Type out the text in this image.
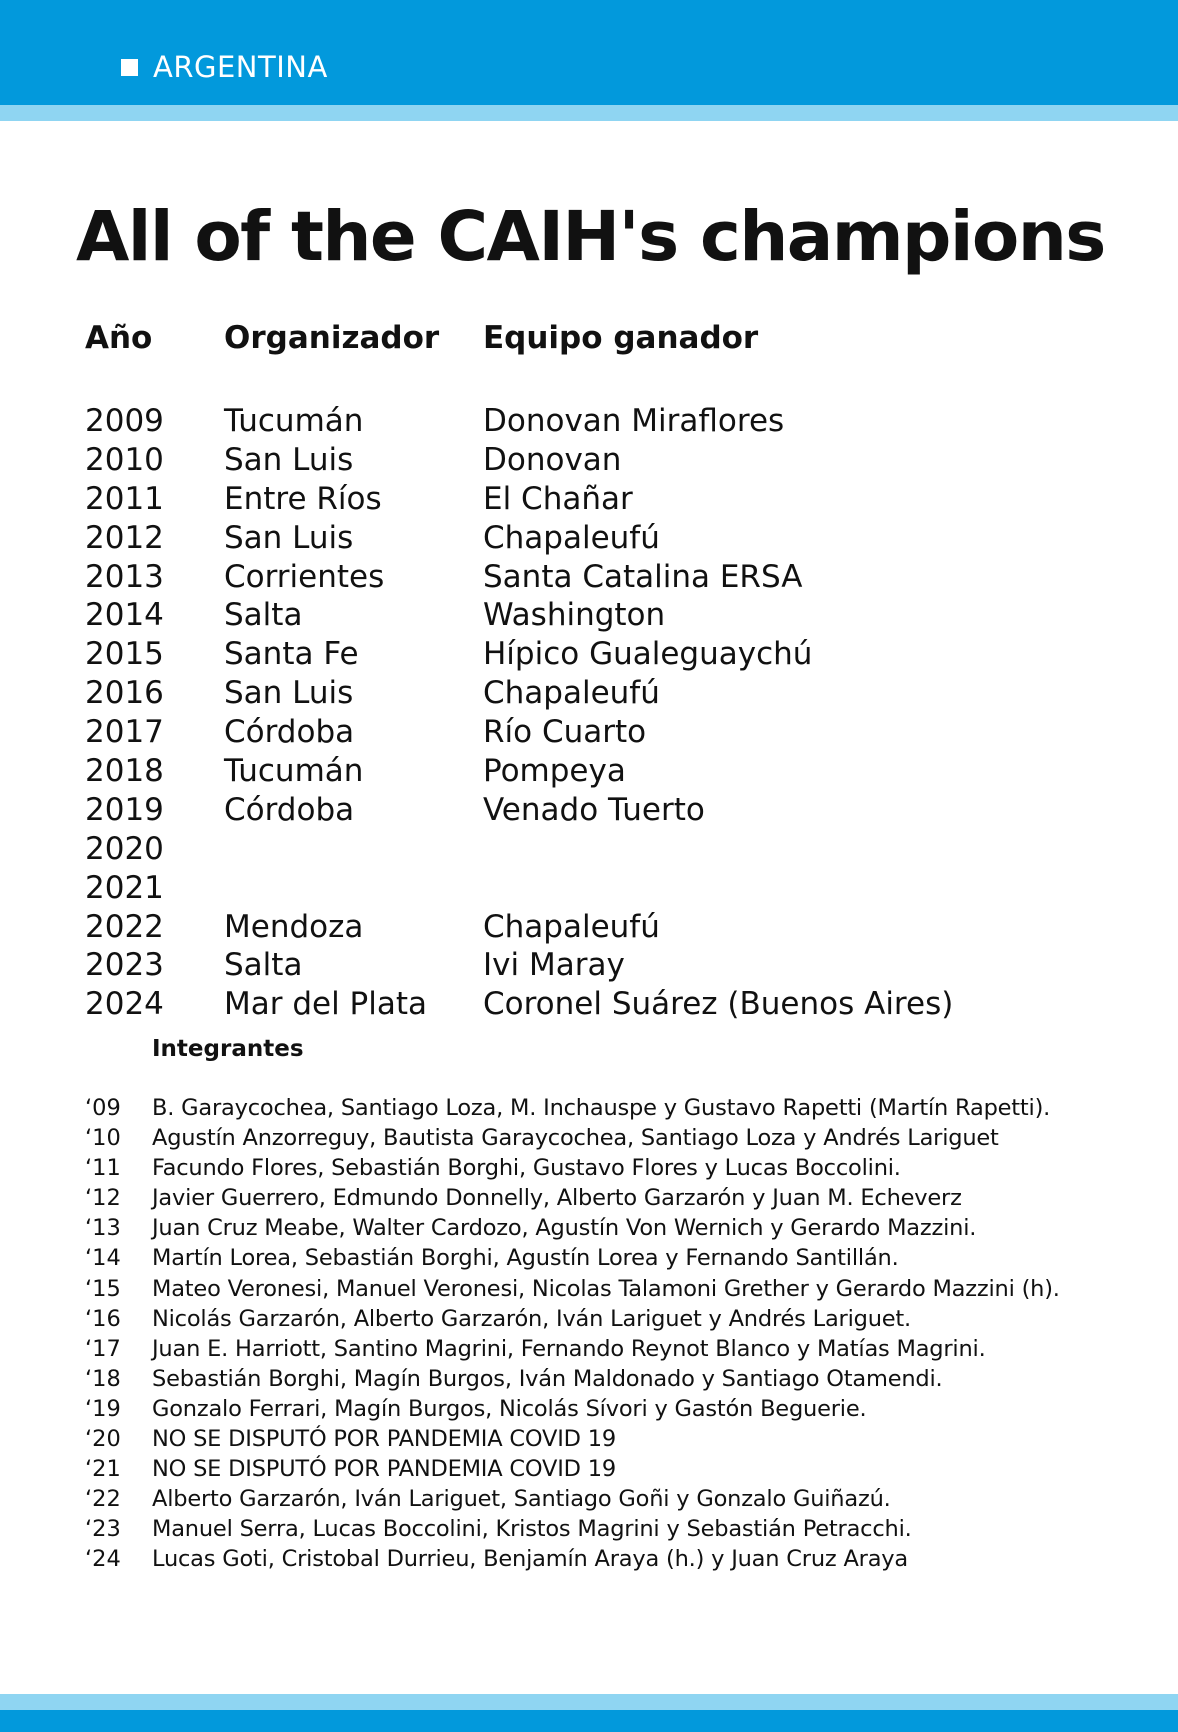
ARGENTINA
All of the CAIH's champions
Año	Organizador	Equipo ganador
2009	Tucumán	Donovan Miraflores
2010	San Luis	Donovan
2011	Entre Ríos	El Chañar
2012	San Luis	Chapaleufú
2013	Corrientes	Santa Catalina ERSA
2014	Salta	Washington
2015	Santa Fe	Hípico Gualeguaychú
2016	San Luis	Chapaleufú
2017	Córdoba	Río Cuarto
2018	Tucumán	Pompeya
2019	Córdoba	Venado Tuerto
2020
2021
2022	Mendoza	Chapaleufú
2023	Salta	Ivi Maray
2024	Mar del Plata	Coronel Suárez (Buenos Aires)
Integrantes
‘09	B. Garaycochea, Santiago Loza, M. Inchauspe y Gustavo Rapetti (Martín Rapetti).
‘10	Agustín Anzorreguy, Bautista Garaycochea, Santiago Loza y Andrés Lariguet
‘11	Facundo Flores, Sebastián Borghi, Gustavo Flores y Lucas Boccolini.
‘12	Javier Guerrero, Edmundo Donnelly, Alberto Garzarón y Juan M. Echeverz
‘13	Juan Cruz Meabe, Walter Cardozo, Agustín Von Wernich y Gerardo Mazzini.
‘14	Martín Lorea, Sebastián Borghi, Agustín Lorea y Fernando Santillán.
‘15	Mateo Veronesi, Manuel Veronesi, Nicolas Talamoni Grether y Gerardo Mazzini (h).
‘16	Nicolás Garzarón, Alberto Garzarón, Iván Lariguet y Andrés Lariguet.
‘17	Juan E. Harriott, Santino Magrini, Fernando Reynot Blanco y Matías Magrini.
‘18	Sebastián Borghi, Magín Burgos, Iván Maldonado y Santiago Otamendi.
‘19	Gonzalo Ferrari, Magín Burgos, Nicolás Sívori y Gastón Beguerie.
‘20	NO SE DISPUTÓ POR PANDEMIA COVID 19
‘21	NO SE DISPUTÓ POR PANDEMIA COVID 19
‘22	Alberto Garzarón, Iván Lariguet, Santiago Goñi y Gonzalo Guiñazú.
‘23	Manuel Serra, Lucas Boccolini, Kristos Magrini y Sebastián Petracchi.
‘24	Lucas Goti, Cristobal Durrieu, Benjamín Araya (h.) y Juan Cruz Araya
